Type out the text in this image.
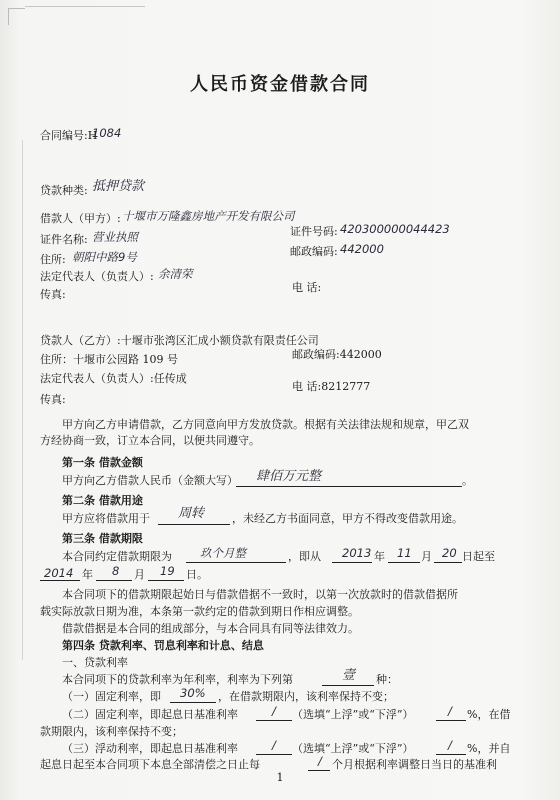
人民币资金借款合同
合同编号:H
1084
贷款种类: 抵押贷款
借款人（甲方）: 十堰市万隆鑫房地产开发有限公司
证件名称: 营业执照	证件号码: 420300000044423
住所: 朝阳中路9号	邮政编码: 442000
法定代表人（负责人）: 余清荣
传真:
电 话:
贷款人（乙方）:十堰市张湾区汇成小额贷款有限责任公司
住所：十堰市公园路 109 号	邮政编码:442000
法定代表人（负责人）:任传成
传真:
电 话:8212777
甲方向乙方申请借款，乙方同意向甲方发放贷款。根据有关法律法规和规章，甲乙双
方经协商一致，订立本合同，以便共同遵守。
第一条 借款金额
甲方向乙方借款人民币（金额大写） 肆佰万元整	。
第二条 借款用途
甲方应将借款用于 周转	，未经乙方书面同意，甲方不得改变借款用途。
第三条 借款期限
本合同约定借款期限为 玖个月整	，即从 2013 年 11 月 20 日起至
2014 年 8 月 19 日。
本合同项下的借款期限起始日与借款借据不一致时，以第一次放款时的借款借据所
载实际放款日期为准，本条第一款约定的借款到期日作相应调整。
借款借据是本合同的组成部分，与本合同具有同等法律效力。
第四条 贷款利率、罚息利率和计息、结息
一、贷款利率
本合同项下的贷款利率为年利率，利率为下列第	壹 种：
（一）固定利率，即 30% ，在借款期限内，该利率保持不变；
（二）固定利率，即起息日基准利率	/ （选填“上浮”或“下浮”）	/ %，在借
款期限内，该利率保持不变；
（三）浮动利率，即起息日基准利率	/ （选填“上浮”或“下浮”）	/ %，并自
起息日起至本合同项下本息全部清偿之日止每	/ 个月根据利率调整日当日的基准利
1
